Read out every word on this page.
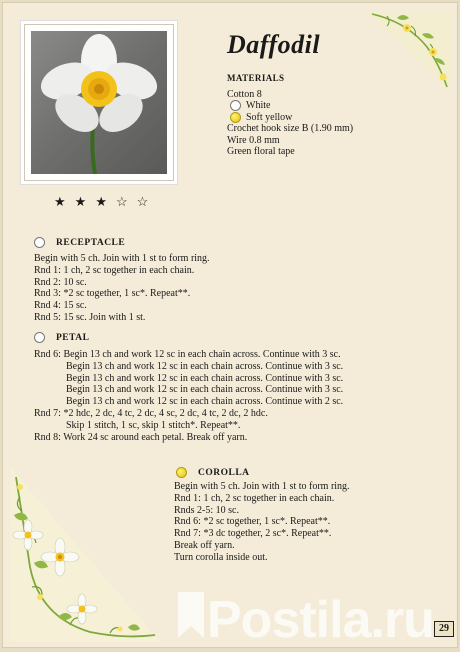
Daffodil
MATERIALS
Cotton 8
White
Soft yellow
Crochet hook size B (1.90 mm)
Wire 0.8 mm
Green floral tape
★★★☆☆
RECEPTACLE
Begin with 5 ch. Join with 1 st to form ring.
Rnd 1: 1 ch, 2 sc together in each chain.
Rnd 2: 10 sc.
Rnd 3: *2 sc together, 1 sc*. Repeat**.
Rnd 4: 15 sc.
Rnd 5: 15 sc. Join with 1 st.
PETAL
Rnd 6: Begin 13 ch and work 12 sc in each chain across. Continue with 3 sc.
Begin 13 ch and work 12 sc in each chain across. Continue with 3 sc.
Begin 13 ch and work 12 sc in each chain across. Continue with 3 sc.
Begin 13 ch and work 12 sc in each chain across. Continue with 3 sc.
Begin 13 ch and work 12 sc in each chain across. Continue with 2 sc.
Rnd 7: *2 hdc, 2 dc, 4 tc, 2 dc, 4 sc, 2 dc, 4 tc, 2 dc, 2 hdc.
Skip 1 stitch, 1 sc, skip 1 stitch*. Repeat**.
Rnd 8: Work 24 sc around each petal. Break off yarn.
COROLLA
Begin with 5 ch. Join with 1 st to form ring.
Rnd 1: 1 ch, 2 sc together in each chain.
Rnds 2-5: 10 sc.
Rnd 6: *2 sc together, 1 sc*. Repeat**.
Rnd 7: *3 dc together, 2 sc*. Repeat**.
Break off yarn.
Turn corolla inside out.
Postila.ru 29
